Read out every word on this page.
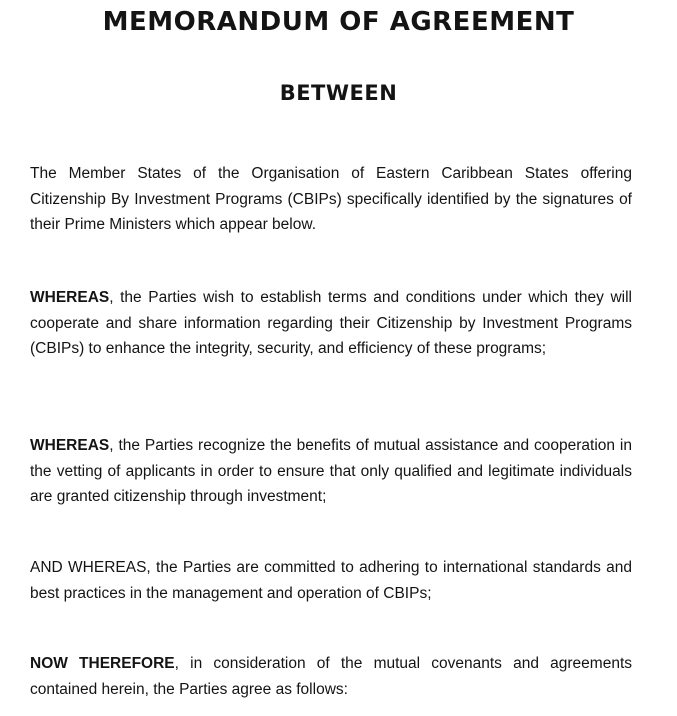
MEMORANDUM OF AGREEMENT
BETWEEN

The Member States of the Organisation of Eastern Caribbean States offering Citizenship By Investment Programs (CBIPs) specifically identified by the signatures of their Prime Ministers which appear below.

WHEREAS, the Parties wish to establish terms and conditions under which they will cooperate and share information regarding their Citizenship by Investment Programs (CBIPs) to enhance the integrity, security, and efficiency of these programs;

WHEREAS, the Parties recognize the benefits of mutual assistance and cooperation in the vetting of applicants in order to ensure that only qualified and legitimate individuals are granted citizenship through investment;

AND WHEREAS, the Parties are committed to adhering to international standards and best practices in the management and operation of CBIPs;

NOW THEREFORE, in consideration of the mutual covenants and agreements contained herein, the Parties agree as follows:
